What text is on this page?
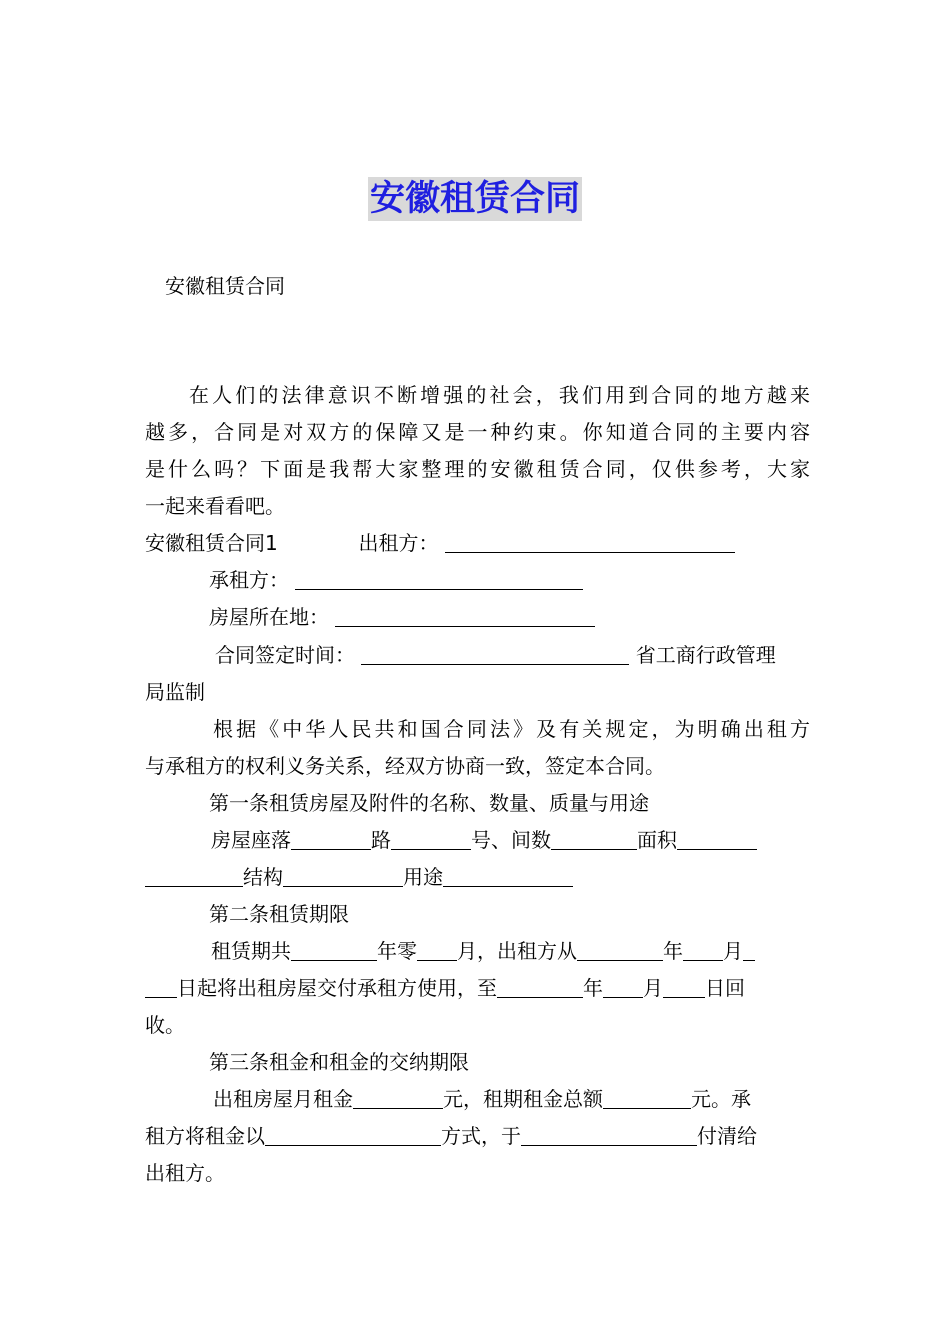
安徽租赁合同
安徽租赁合同
在人们的法律意识不断增强的社会，我们用到合同的地方越来
越多，合同是对双方的保障又是一种约束。你知道合同的主要内容
是什么吗？下面是我帮大家整理的安徽租赁合同，仅供参考，大家
一起来看看吧。
安徽租赁合同1	出租方：
承租方：
房屋所在地：
合同签定时间：	省工商行政管理
局监制
根据《中华人民共和国合同法》及有关规定，为明确出租方
与承租方的权利义务关系，经双方协商一致，签定本合同。
第一条租赁房屋及附件的名称、数量、质量与用途
房屋座落	路	号、间数	面积
结构	用途
第二条租赁期限
租赁期共	年零 月，出租方从	年 月
日起将出租房屋交付承租方使用，至	年 月 日回
收。
第三条租金和租金的交纳期限
出租房屋月租金	元，租期租金总额	元。承
租方将租金以	方式，于	付清给
出租方。
